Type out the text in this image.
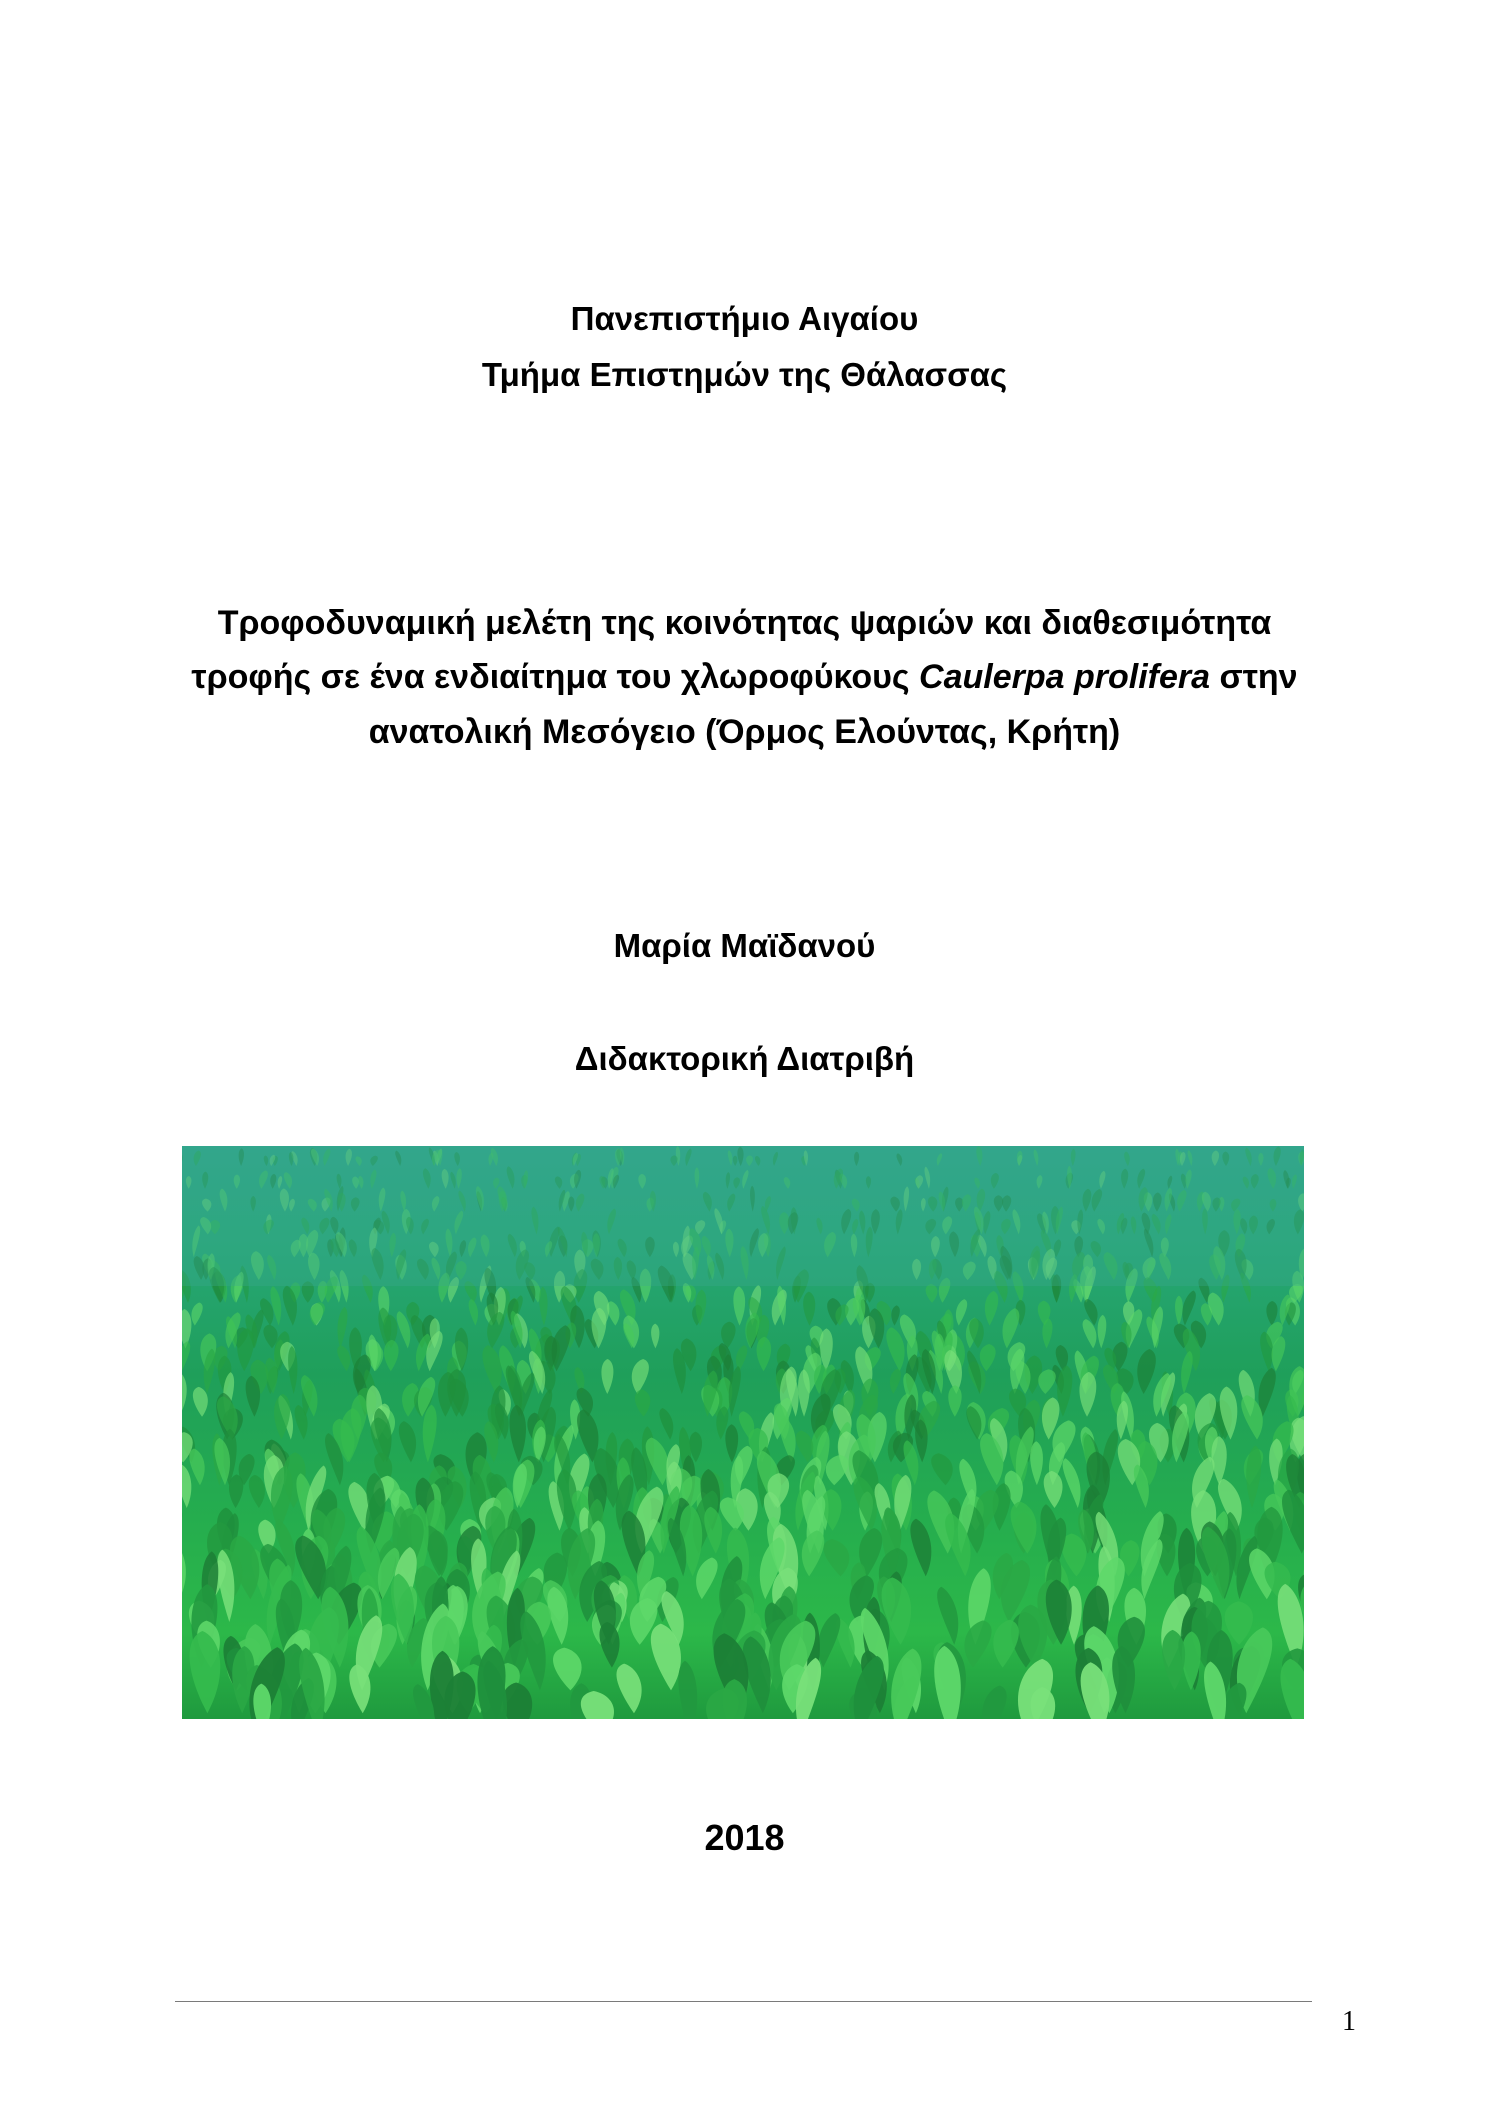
Πανεπιστήμιο Αιγαίου
Τμήμα Επιστημών της Θάλασσας
Τροφοδυναμική μελέτη της κοινότητας ψαριών και διαθεσιμότητα
τροφής σε ένα ενδιαίτημα του χλωροφύκους Caulerpa prolifera στην
ανατολική Μεσόγειο (Όρμος Ελούντας, Κρήτη)
Μαρία Μαϊδανού
Διδακτορική Διατριβή
2018
1
